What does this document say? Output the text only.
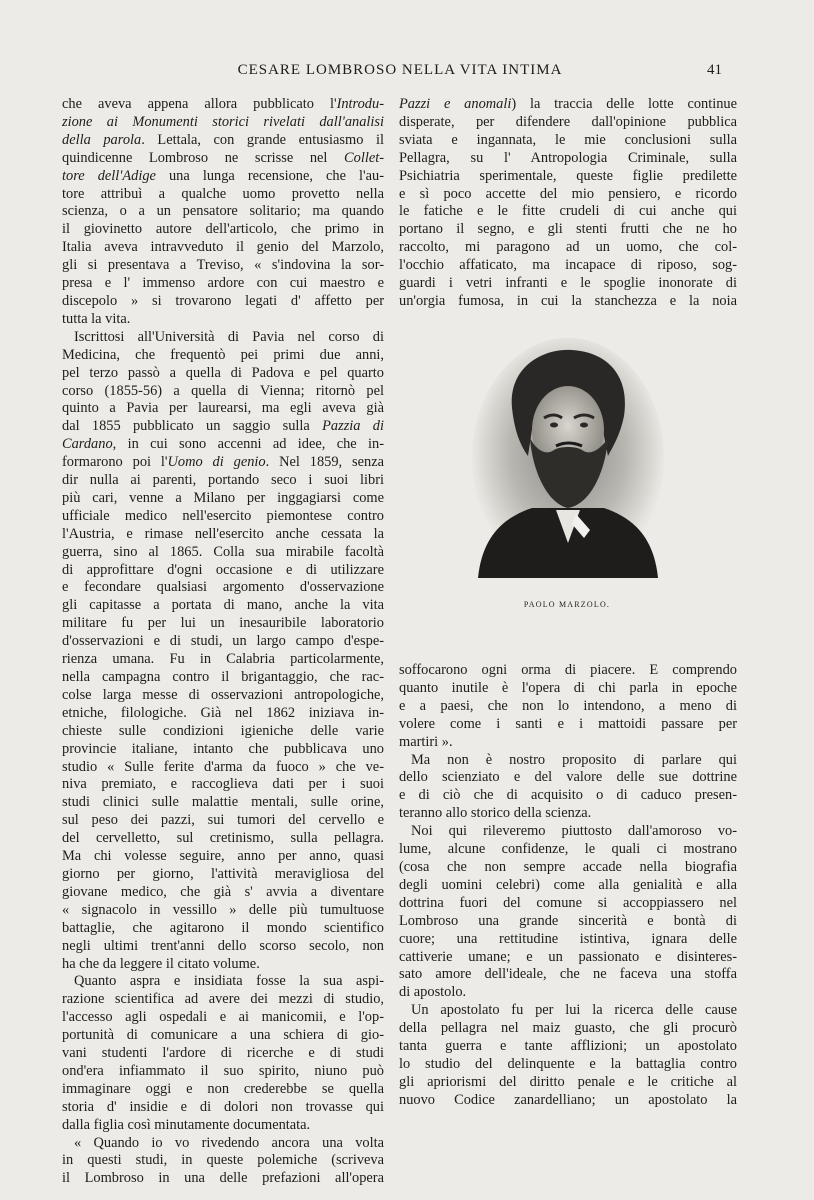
CESARE LOMBROSO NELLA VITA INTIMA	41
che aveva appena allora pubblicato l'Introdu-
zione ai Monumenti storici rivelati dall'analisi
della parola. Lettala, con grande entusiasmo il
quindicenne Lombroso ne scrisse nel Collet-
tore dell'Adige una lunga recensione, che l'au-
tore attribuì a qualche uomo provetto nella
scienza, o a un pensatore solitario; ma quando
il giovinetto autore dell'articolo, che primo in
Italia aveva intravveduto il genio del Marzolo,
gli si presentava a Treviso, « s'indovina la sor-
presa e l' immenso ardore con cui maestro e
discepolo » si trovarono legati d' affetto per
tutta la vita.
Iscrittosi all'Università di Pavia nel corso di
Medicina, che frequentò pei primi due anni,
pel terzo passò a quella di Padova e pel quarto
corso (1855-56) a quella di Vienna; ritornò pel
quinto a Pavia per laurearsi, ma egli aveva già
dal 1855 pubblicato un saggio sulla Pazzia di
Cardano, in cui sono accenni ad idee, che in-
formarono poi l'Uomo di genio. Nel 1859, senza
dir nulla ai parenti, portando seco i suoi libri
più cari, venne a Milano per inggagiarsi come
ufficiale medico nell'esercito piemontese contro
l'Austria, e rimase nell'esercito anche cessata la
guerra, sino al 1865. Colla sua mirabile facoltà
di approfittare d'ogni occasione e di utilizzare
e fecondare qualsiasi argomento d'osservazione
gli capitasse a portata di mano, anche la vita
militare fu per lui un inesauribile laboratorio
d'osservazioni e di studi, un largo campo d'espe-
rienza umana. Fu in Calabria particolarmente,
nella campagna contro il brigantaggio, che rac-
colse larga messe di osservazioni antropologiche,
etniche, filologiche. Già nel 1862 iniziava in-
chieste sulle condizioni igieniche delle varie
provincie italiane, intanto che pubblicava uno
studio « Sulle ferite d'arma da fuoco » che ve-
niva premiato, e raccoglieva dati per i suoi
studi clinici sulle malattie mentali, sulle orine,
sul peso dei pazzi, sui tumori del cervello e
del cervelletto, sul cretinismo, sulla pellagra.
Ma chi volesse seguire, anno per anno, quasi
giorno per giorno, l'attività meravigliosa del
giovane medico, che già s' avvia a diventare
« signacolo in vessillo » delle più tumultuose
battaglie, che agitarono il mondo scientifico
negli ultimi trent'anni dello scorso secolo, non
ha che da leggere il citato volume.
Quanto aspra e insidiata fosse la sua aspi-
razione scientifica ad avere dei mezzi di studio,
l'accesso agli ospedali e ai manicomii, e l'op-
portunità di comunicare a una schiera di gio-
vani studenti l'ardore di ricerche e di studi
ond'era infiammato il suo spirito, niuno può
immaginare oggi e non crederebbe se quella
storia d' insidie e di dolori non trovasse qui
dalla figlia così minutamente documentata.
« Quando io vo rivedendo ancora una volta
in questi studi, in queste polemiche (scriveva
il Lombroso in una delle prefazioni all'opera
Pazzi e anomali) la traccia delle lotte continue
disperate, per difendere dall'opinione pubblica
sviata e ingannata, le mie conclusioni sulla
Pellagra, su l' Antropologia Criminale, sulla
Psichiatria sperimentale, queste figlie predilette
e sì poco accette del mio pensiero, e ricordo
le fatiche e le fitte crudeli di cui anche qui
portano il segno, e gli stenti frutti che ne ho
raccolto, mi paragono ad un uomo, che col-
l'occhio affaticato, ma incapace di riposo, sog-
guardi i vetri infranti e le spoglie inonorate di
un'orgia fumosa, in cui la stanchezza e la noia
PAOLO MARZOLO.
soffocarono ogni orma di piacere. E comprendo
quanto inutile è l'opera di chi parla in epoche
e a paesi, che non lo intendono, a meno di
volere come i santi e i mattoidi passare per
martiri ».
Ma non è nostro proposito di parlare qui
dello scienziato e del valore delle sue dottrine
e di ciò che di acquisito o di caduco presen-
teranno allo storico della scienza.
Noi qui rileveremo piuttosto dall'amoroso vo-
lume, alcune confidenze, le quali ci mostrano
(cosa che non sempre accade nella biografia
degli uomini celebri) come alla genialità e alla
dottrina fuori del comune si accoppiassero nel
Lombroso una grande sincerità e bontà di
cuore; una rettitudine istintiva, ignara delle
cattiverie umane; e un passionato e disinteres-
sato amore dell'ideale, che ne faceva una stoffa
di apostolo.
Un apostolato fu per lui la ricerca delle cause
della pellagra nel maiz guasto, che gli procurò
tanta guerra e tante afflizioni; un apostolato
lo studio del delinquente e la battaglia contro
gli apriorismi del diritto penale e le critiche al
nuovo Codice zanardelliano; un apostolato la
